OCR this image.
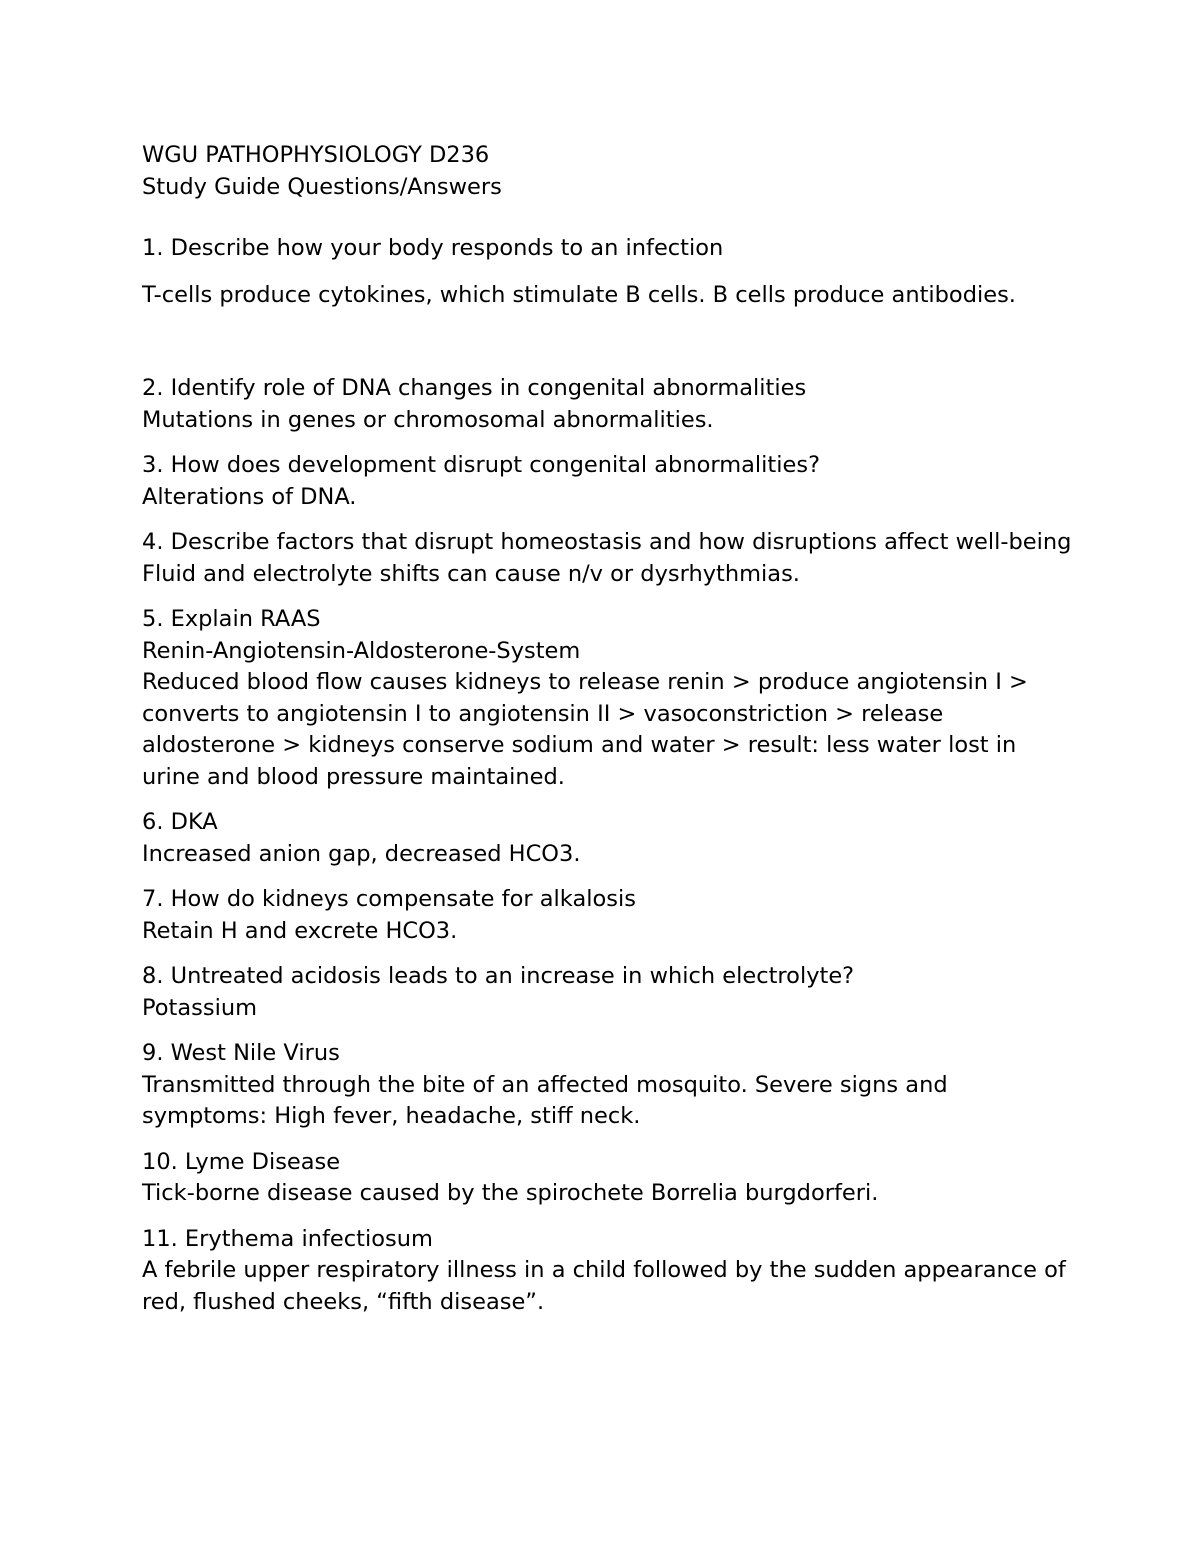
WGU PATHOPHYSIOLOGY D236
Study Guide Questions/Answers
1. Describe how your body responds to an infection
T-cells produce cytokines, which stimulate B cells. B cells produce antibodies.
2. Identify role of DNA changes in congenital abnormalities
Mutations in genes or chromosomal abnormalities.
3. How does development disrupt congenital abnormalities?
Alterations of DNA.
4. Describe factors that disrupt homeostasis and how disruptions affect well-being
Fluid and electrolyte shifts can cause n/v or dysrhythmias.
5. Explain RAAS
Renin-Angiotensin-Aldosterone-System
Reduced blood flow causes kidneys to release renin > produce angiotensin I > converts to angiotensin I to angiotensin II > vasoconstriction > release aldosterone > kidneys conserve sodium and water > result: less water lost in urine and blood pressure maintained.
6. DKA
Increased anion gap, decreased HCO3.
7. How do kidneys compensate for alkalosis
Retain H and excrete HCO3.
8. Untreated acidosis leads to an increase in which electrolyte?
Potassium
9. West Nile Virus
Transmitted through the bite of an affected mosquito. Severe signs and symptoms: High fever, headache, stiff neck.
10. Lyme Disease
Tick-borne disease caused by the spirochete Borrelia burgdorferi.
11. Erythema infectiosum
A febrile upper respiratory illness in a child followed by the sudden appearance of red, flushed cheeks, “fifth disease”.
